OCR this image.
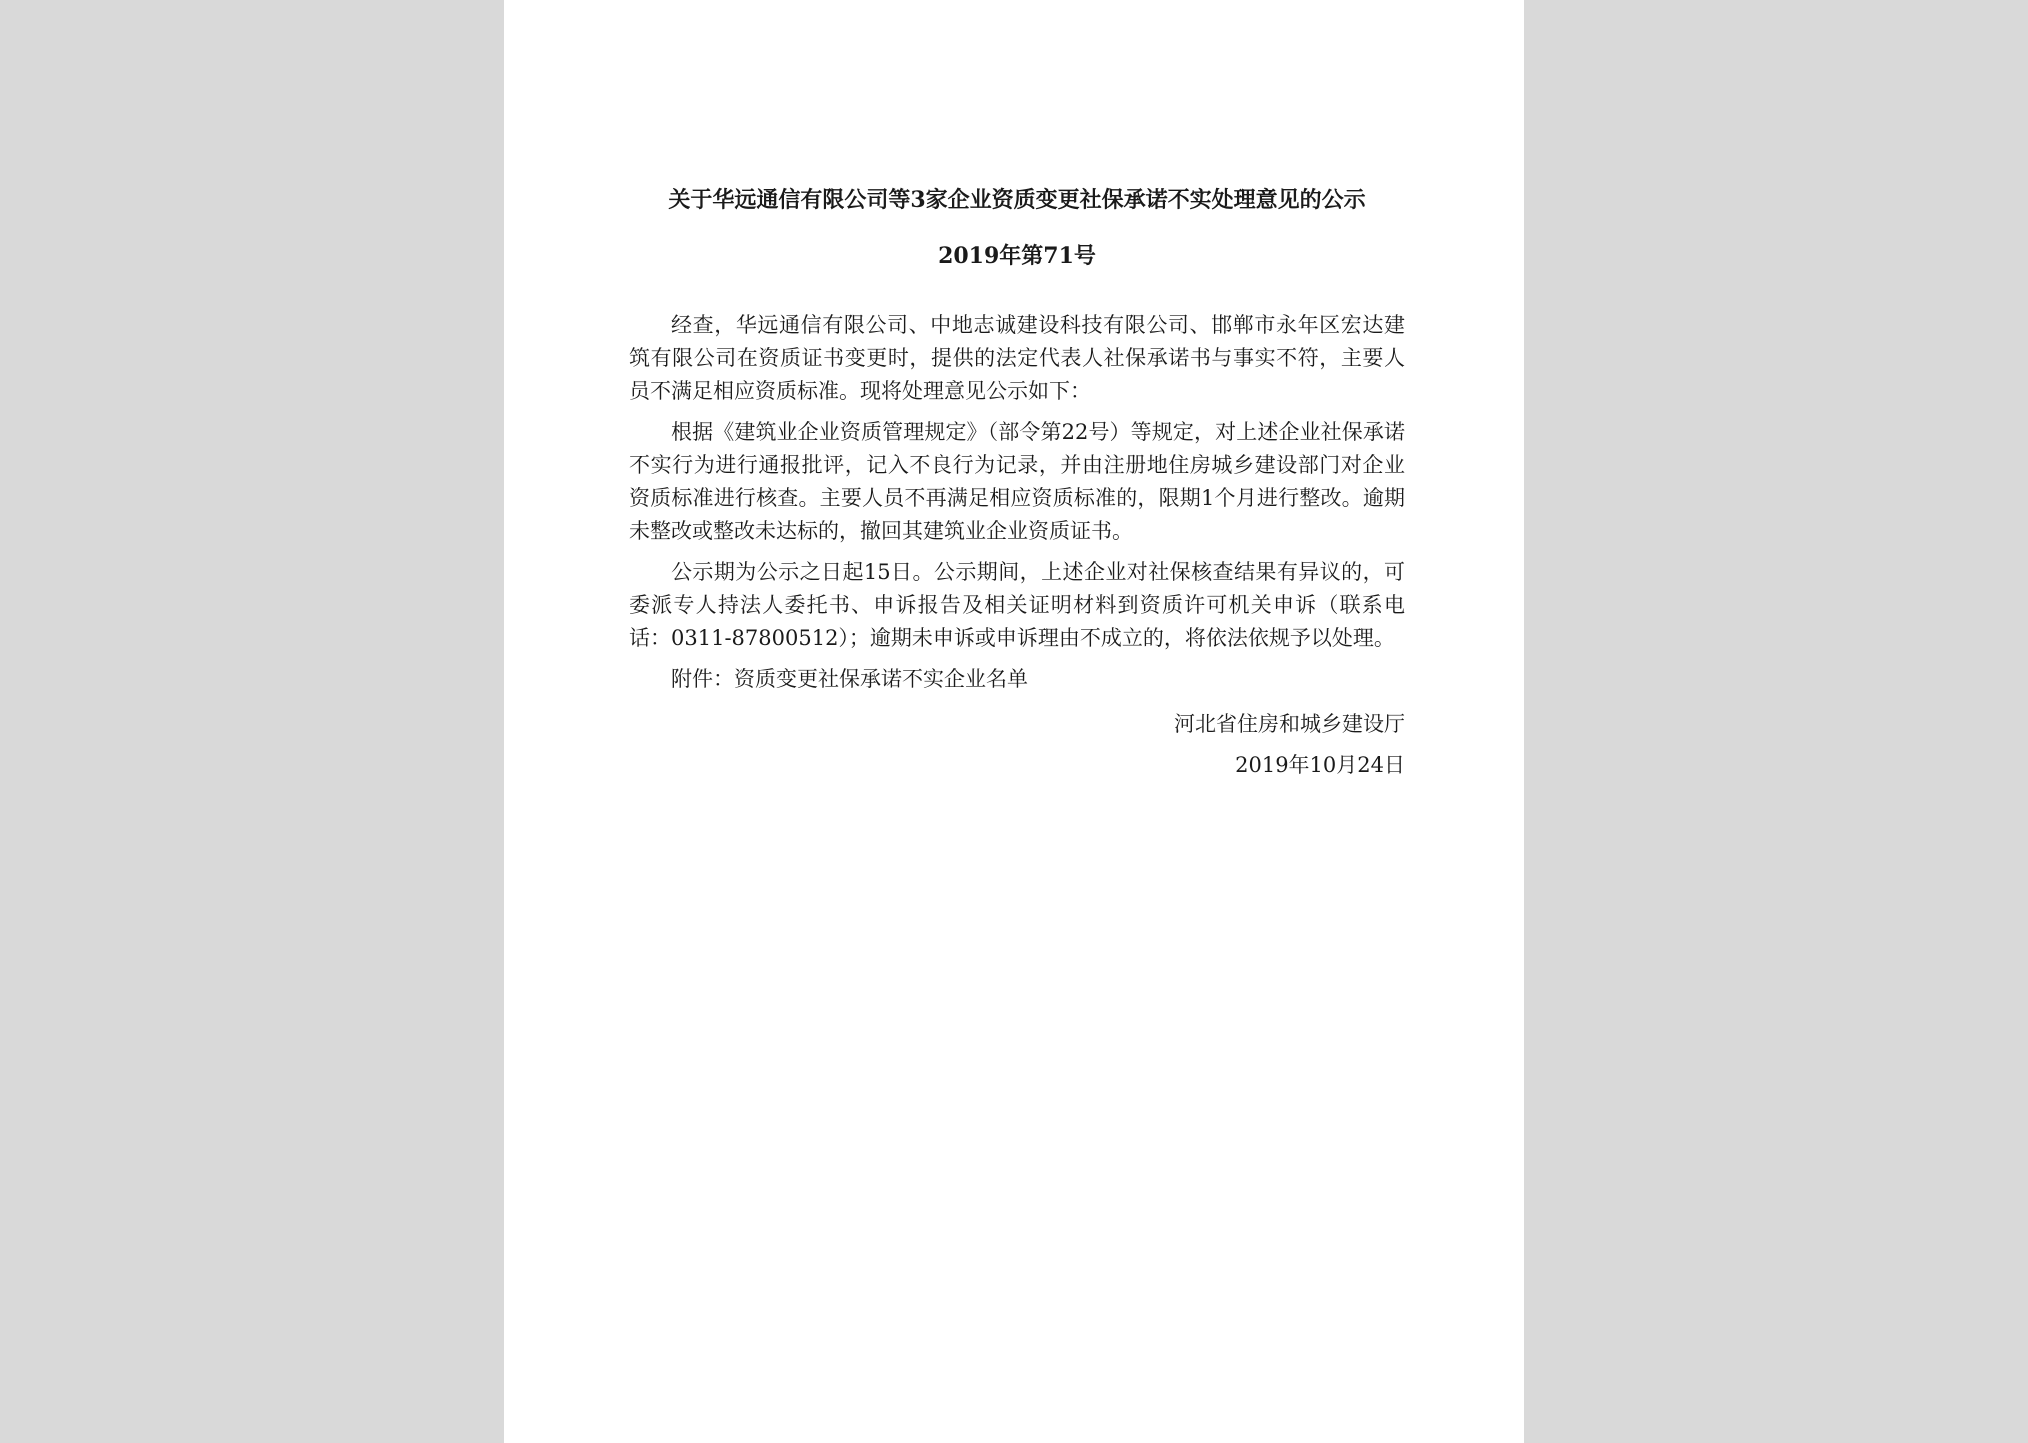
关于华远通信有限公司等3家企业资质变更社保承诺不实处理意见的公示
2019年第71号

经查，华远通信有限公司、中地志诚建设科技有限公司、邯郸市永年区宏达建筑有限公司在资质证书变更时，提供的法定代表人社保承诺书与事实不符，主要人员不满足相应资质标准。现将处理意见公示如下：

根据《建筑业企业资质管理规定》（部令第22号）等规定，对上述企业社保承诺不实行为进行通报批评，记入不良行为记录，并由注册地住房城乡建设部门对企业资质标准进行核查。主要人员不再满足相应资质标准的，限期1个月进行整改。逾期未整改或整改未达标的，撤回其建筑业企业资质证书。

公示期为公示之日起15日。公示期间，上述企业对社保核查结果有异议的，可委派专人持法人委托书、申诉报告及相关证明材料到资质许可机关申诉（联系电话：0311-87800512）；逾期未申诉或申诉理由不成立的，将依法依规予以处理。

附件：资质变更社保承诺不实企业名单

河北省住房和城乡建设厅
2019年10月24日
